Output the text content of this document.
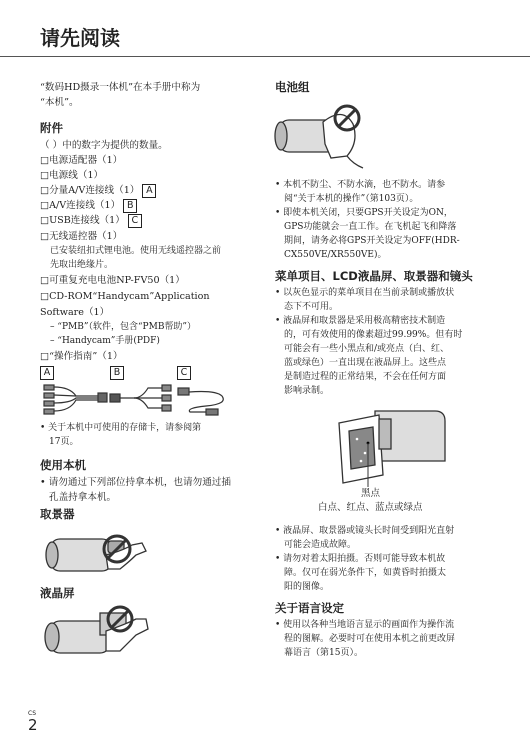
请先阅读
“数码HD摄录一体机”在本手册中称为
“本机”。
附件
（ ）中的数字为提供的数量。
□电源适配器（1）
□电源线（1）
□分量A/V连接线（1） A
□A/V连接线（1） B
□USB连接线（1） C
□无线遥控器（1）
已安装纽扣式锂电池。使用无线遥控器之前
先取出绝缘片。
□可重复充电电池NP-FV50（1）
□CD-ROM“Handycam”Application
Software（1）
– “PMB”（软件，包含“PMB帮助”）
– “Handycam”手册(PDF)
□“操作指南”（1）
A	B	C
• 关于本机中可使用的存储卡，请参阅第
17页。
使用本机
• 请勿通过下列部位持拿本机，也请勿通过插
孔盖持拿本机。
取景器
液晶屏
电池组
• 本机不防尘、不防水滴，也不防水。请参
阅“关于本机的操作”（第103页）。
• 即使本机关闭，只要GPS开关设定为ON，
GPS功能就会一直工作。在飞机起飞和降落
期间，请务必将GPS开关设定为OFF(HDR-
CX550VE/XR550VE)。
菜单项目、LCD液晶屏、取景器和镜头
• 以灰色显示的菜单项目在当前录制或播放状
态下不可用。
• 液晶屏和取景器是采用极高精密技术制造
的，可有效使用的像素超过99.99%。但有时
可能会有一些小黑点和/或亮点（白、红、
蓝或绿色）一直出现在液晶屏上。这些点
是制造过程的正常结果，不会在任何方面
影响录制。
黑点
白点、红点、蓝点或绿点
• 液晶屏、取景器或镜头长时间受到阳光直射
可能会造成故障。
• 请勿对着太阳拍摄。否则可能导致本机故
障。仅可在弱光条件下，如黄昏时拍摄太
阳的图像。
关于语言设定
• 使用以各种当地语言显示的画面作为操作流
程的图解。必要时可在使用本机之前更改屏
幕语言（第15页）。
CS
2
